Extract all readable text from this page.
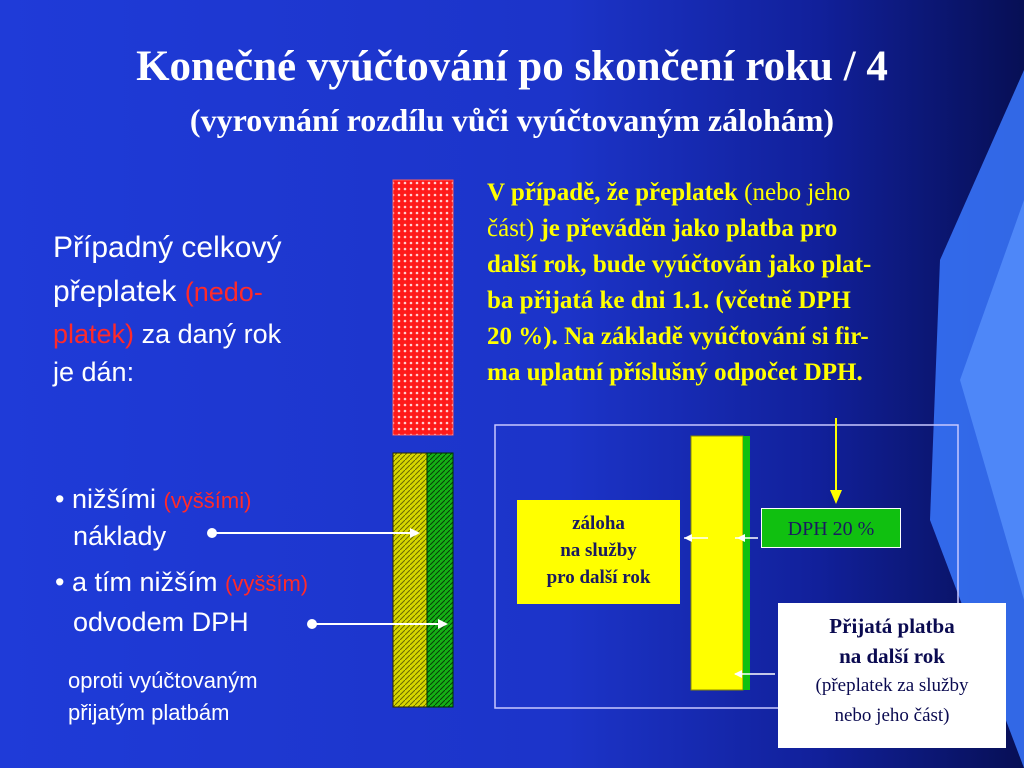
Konečné vyúčtování po skončení roku / 4
(vyrovnání rozdílu vůči vyúčtovaným zálohám)
Případný celkový
přeplatek (nedo-
platek) za daný rok
je dán:
• nižšími (vyššími)
náklady
• a tím nižším (vyšším)
odvodem DPH
oproti vyúčtovaným
přijatým platbám
V případě, že přeplatek (nebo jeho
část) je převáděn jako platba pro
další rok, bude vyúčtován jako plat-
ba přijatá ke dni 1.1. (včetně DPH
20 %). Na základě vyúčtování si fir-
ma uplatní příslušný odpočet DPH.
záloha
na služby
pro další rok
DPH 20 %
Přijatá platba
na další rok
(přeplatek za služby
nebo jeho část)
